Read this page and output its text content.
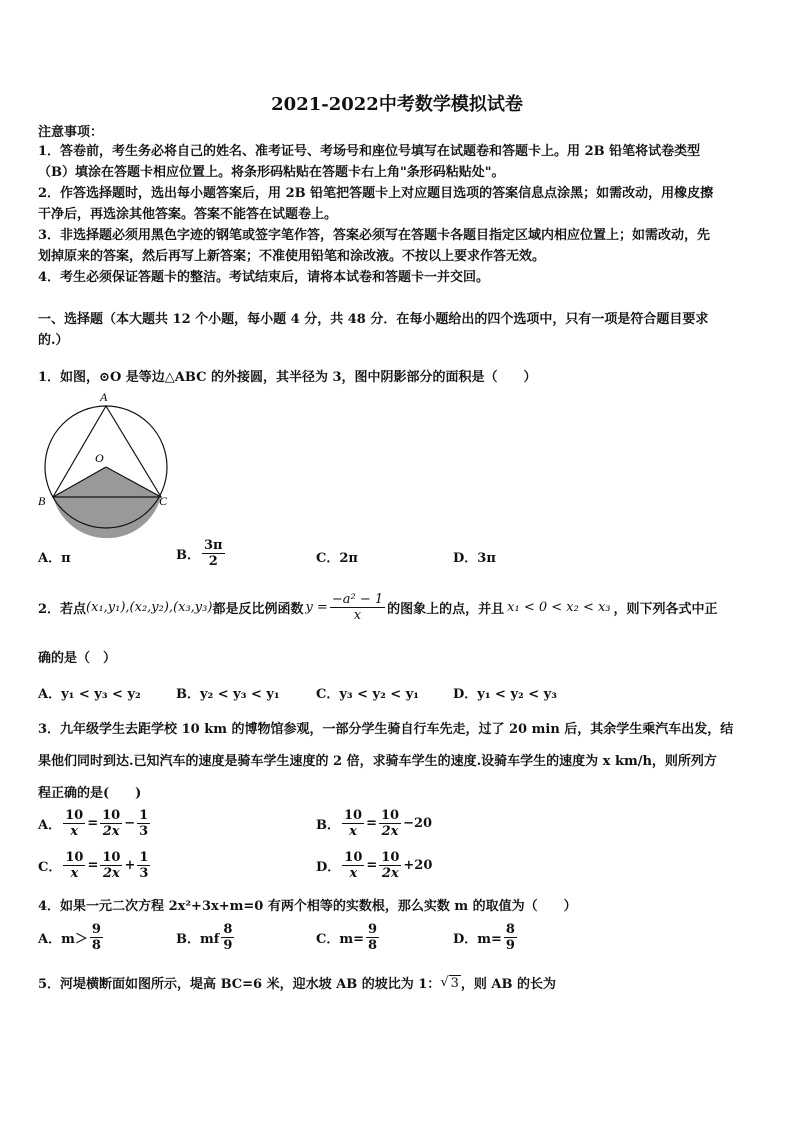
2021-2022中考数学模拟试卷
注意事项：
1．答卷前，考生务必将自己的姓名、准考证号、考场号和座位号填写在试题卷和答题卡上。用 2B 铅笔将试卷类型
（B）填涂在答题卡相应位置上。将条形码粘贴在答题卡右上角"条形码粘贴处"。
2．作答选择题时，选出每小题答案后，用 2B 铅笔把答题卡上对应题目选项的答案信息点涂黑；如需改动，用橡皮擦
干净后，再选涂其他答案。答案不能答在试题卷上。
3．非选择题必须用黑色字迹的钢笔或签字笔作答，答案必须写在答题卡各题目指定区域内相应位置上；如需改动，先
划掉原来的答案，然后再写上新答案；不准使用铅笔和涂改液。不按以上要求作答无效。
4．考生必须保证答题卡的整洁。考试结束后，请将本试卷和答题卡一并交回。
一、选择题（本大题共 12 个小题，每小题 4 分，共 48 分．在每小题给出的四个选项中，只有一项是符合题目要求
的.）
1．如图，⊙O 是等边△ABC 的外接圆，其半径为 3，图中阴影部分的面积是（　　）
A
O
B	C
A．π	B． $\frac{3\pi}{2}$	C．2π	D．3π
2．若点 (x₁,y₁),(x₂,y₂),(x₃,y₃) 都是反比例函数 $y = \frac{\text{−a² − 1}}{x}$ 的图象上的点，并且 x₁ < 0 < x₂ < x₃ ，则下列各式中正
确的是（　）
A．y₁ < y₃ < y₂	B．y₂ < y₃ < y₁	C．y₃ < y₂ < y₁	D．y₁ < y₂ < y₃
3．九年级学生去距学校 10 km 的博物馆参观，一部分学生骑自行车先走，过了 20 min 后，其余学生乘汽车出发，结
果他们同时到达.已知汽车的速度是骑车学生速度的 2 倍，求骑车学生的速度.设骑车学生的速度为 x km/h，则所列方
程正确的是(　　)
A． $\frac{10}{x} = \frac{10}{2x} - \frac{1}{3}$	B． $\frac{10}{x} = \frac{10}{2x} - 20$
C． $\frac{10}{x} = \frac{10}{2x} + \frac{1}{3}$	D． $\frac{10}{x} = \frac{10}{2x} + 20$
4．如果一元二次方程 2x²+3x+m=0 有两个相等的实数根，那么实数 m 的取值为（　　）
A．$m> \frac{9}{8}$	B．mf $\frac{8}{9}$	C．$m= \frac{9}{8}$	D．$m= \frac{8}{9}$
5．河堤横断面如图所示，堤高 BC=6 米，迎水坡 AB 的坡比为 1： √ 3 ，则 AB 的长为
